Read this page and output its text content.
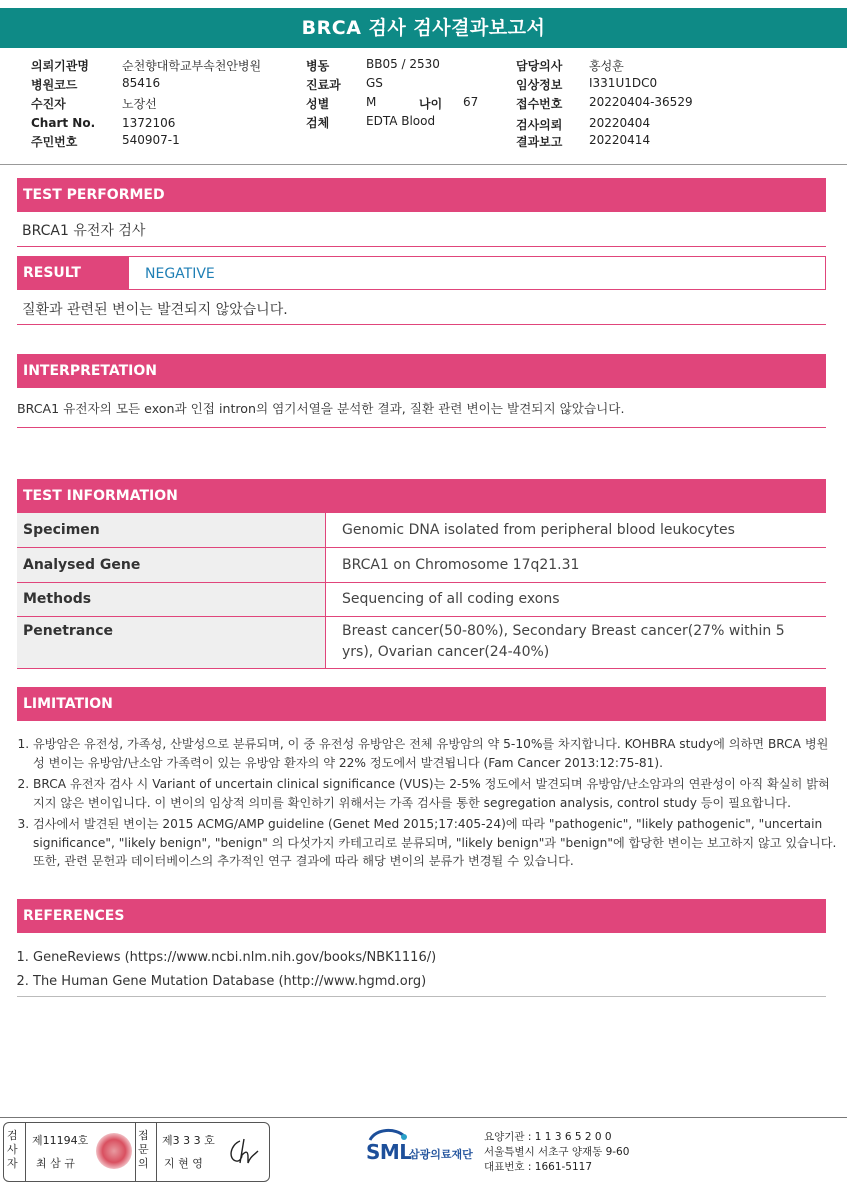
BRCA 검사 검사결과보고서
의뢰기관명	순천향대학교부속천안병원
병원코드	85416
수진자	노장선
Chart No. 1372106
주민번호	540907-1
병동	BB05 / 2530
진료과 GS
성별	M	나이 67
검체	EDTA Blood
담당의사 홍성훈
임상정보 I331U1DC0
접수번호 20220404-36529
검사의뢰 20220404
결과보고 20220414
TEST PERFORMED
BRCA1 유전자 검사
RESULT	NEGATIVE
질환과 관련된 변이는 발견되지 않았습니다.
INTERPRETATION
BRCA1 유전자의 모든 exon과 인접 intron의 염기서열을 분석한 결과, 질환 관련 변이는 발견되지 않았습니다.
TEST INFORMATION
Specimen	Genomic DNA isolated from peripheral blood leukocytes
Analysed Gene	BRCA1 on Chromosome 17q21.31
Methods	Sequencing of all coding exons
Penetrance	Breast cancer(50-80%), Secondary Breast cancer(27% within 5 yrs), Ovarian cancer(24-40%)
LIMITATION
1. 유방암은 유전성, 가족성, 산발성으로 분류되며, 이 중 유전성 유방암은 전체 유방암의 약 5-10%를 차지합니다. KOHBRA study에 의하면 BRCA 병원성 변이는 유방암/난소암 가족력이 있는 유방암 환자의 약 22% 정도에서 발견됩니다 (Fam Cancer 2013:12:75-81).
2. BRCA 유전자 검사 시 Variant of uncertain clinical significance (VUS)는 2-5% 정도에서 발견되며 유방암/난소암과의 연관성이 아직 확실히 밝혀지지 않은 변이입니다. 이 변이의 임상적 의미를 확인하기 위해서는 가족 검사를 통한 segregation analysis, control study 등이 필요합니다.
3. 검사에서 발견된 변이는 2015 ACMG/AMP guideline (Genet Med 2015;17:405-24)에 따라 "pathogenic", "likely pathogenic", "uncertain significance", "likely benign", "benign" 의 다섯가지 카테고리로 분류되며, "likely benign"과 "benign"에 합당한 변이는 보고하지 않고 있습니다. 또한, 관련 문헌과 데이터베이스의 추가적인 연구 결과에 따라 해당 변이의 분류가 변경될 수 있습니다.
REFERENCES
1. GeneReviews (https://www.ncbi.nlm.nih.gov/books/NBK1116/)
2. The Human Gene Mutation Database (http://www.hgmd.org)
검사자
제11194호
최 삼 규
접문의
제3 3 3 호
지 현 영	SML
삼광의료재단
요양기관 : 1 1 3 6 5 2 0 0
서울특별시 서초구 양재동 9-60
대표번호 : 1661-5117
